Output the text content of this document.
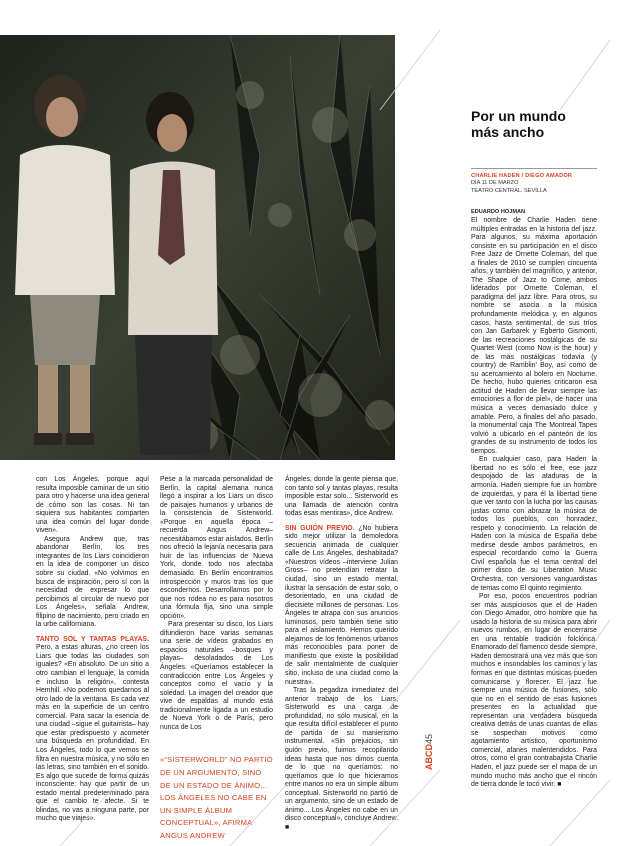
con Los Ángeles, porque aquí resulta imposible caminar de un sitio para otro y hacerse una idea general de cómo son las cosas. Ni tan siquiera sus habitantes comparten una idea común del lugar donde viven».

Asegura Andrew que, tras abandonar Berlín, los tres integrantes de los Liars coincidieron en la idea de componer un disco sobre su ciudad. «No volvimos en busca de inspiración, pero sí con la necesidad de expresar lo que percibimos al circular de nuevo por Los Ángeles», señala Andrew, filipino de nacimiento, pero criado en la urbe californiana.

TANTO SOL Y TANTAS PLAYAS. Pero, a estas alturas, ¿no creen los Liars que todas las ciudades son iguales? «En absoluto. De un sitio a otro cambian el lenguaje, la comida e incluso la religión», contesta Hemhill. «No podemos quedarnos al otro lado de la ventana. Es cada vez más en la superficie de un centro comercial. Para sacar la esencia de una ciudad –sigue el guitarrista– hay que estar predispuesto y acometer una búsqueda en profundidad. En Los Ángeles, todo lo que vemos se filtra en nuestra música, y no sólo en las letras, sino también en el sonido. Es algo que sucede de forma quizás inconsciente: hay que partir de un estado mental predeterminado para que el cambio te afecte. Si te blindas, no vas a ninguna parte, por mucho que viajes».

Pese a la marcada personalidad de Berlín, la capital alemana nunca llegó a inspirar a los Liars un disco de paisajes humanos y urbanos de la consistencia de Sisterworld. «Porque en aquella época –recuerda Angus Andrew– necesitábamos estar aislados. Berlín nos ofreció la lejanía necesaria para huir de las influencias de Nueva York, donde todo nos afectaba demasiado. En Berlín encontramos introspección y muros tras los que escondernos. Desarrollamos por lo que nos rodea no es para nosotros una fórmula fija, sino una simple opción».

Para presentar su disco, los Liars difundieron hace varias semanas una serie de vídeos grabados en espacios naturales –bosques y playas– desoladados de Los Ángeles. «Queríamos establecer la contradicción entre Los Ángeles y conceptos como el vacío y la soledad. La imagen del creador que vive de espaldas al mundo está tradicionalmente ligada a un estudio de Nueva York o de París, pero nunca de Los

«“SISTERWORLD” NO PARTIÓ DE UN ARGUMENTO, SINO DE UN ESTADO DE ÁNIMO... LOS ÁNGELES NO CABE EN UN SIMPLE ÁLBUM CONCEPTUAL», AFIRMA
ANGUS ANDREW

Ángeles, donde la gente piensa que, con tanto sol y tantas playas, resulta imposible estar solo... Sisterworld es una llamada de atención contra todas esas mentiras», dice Andrew.

SIN GUIÓN PREVIO. ¿No hubiera sido mejor utilizar la demoledora secuencia animada de cualquier calle de Los Ángeles, deshabitada? «Nuestros vídeos –interviene Julian Gross– no pretendían retratar la ciudad, sino un estado mental, ilustrar la sensación de estar solo, o desorientado, en una ciudad de diecisiete millones de personas. Los Ángeles te atrapa con sus anuncios luminosos, pero también tiene sitio para el aislamiento. Hemos querido alejarnos de los fenómenos urbanos más reconocibles para poner de manifiesto que existe la posibilidad de salir mentalmente de cualquier sitio, incluso de una ciudad como la nuestra».

Tras la pegadiza inmediatez del anterior trabajo de los Liars, Sisterworld es una carga de profundidad, no sólo musical, en la que resulta difícil establecer el punto de partida de su manierismo instrumental. «Sin prejuicios, sin guión previo, fuimos recopilando ideas hasta que nos dimos cuenta de lo que no queríamos: no queríamos que lo que hicieramos entre manos no era un simple álbum conceptual. Sisterworld no partió de un argumento, sino de un estado de ánimo... Los Ángeles no cabe en un disco conceptual», concluye Andrew. ■

Por un mundo más ancho
CHARLIE HADEN / DIEGO AMADOR
DÍA 11 DE MARZO
TEATRO CENTRAL. SEVILLA
EDUARDO HOJMAN

El nombre de Charlie Haden tiene múltiples entradas en la historia del jazz. Para algunos, su máxima aportación consiste en su participación en el disco Free Jazz de Ornette Coleman, del que a finales de 2010 se cumplen cincuenta años, y también del magnífico, y anterior, The Shape of Jazz to Come, ambos liderados por Ornette Coleman, el paradigma del jazz libre. Para otros, su nombre se asocia a la música profundamente melódica y, en algunos casos, hasta sentimental, de sus tríos con Jan Garbarek y Egberto Gismonti, de las recreaciones nostálgicas de su Quartet West (como Now is the hour) y de las más nostálgicas todavía (y country) de Ramblin' Boy, así como de su acercamiento al bolero en Nocturne. De hecho, hubo quienes criticaron esa actitud de Haden de llevar siempre las emociones a flor de piel», de hacer una música a veces demasiado dulce y amable. Pero, a finales del año pasado, la monumental caja The Montreal Tapes volvió a ubicarlo en el panteón de los grandes de su instrumento de todos los tiempos.

En cualquier caso, para Haden la libertad no es sólo el free, ese jazz despojado de las ataduras de la armonía. Haden siempre fue un hombre de izquierdas, y para él la libertad tiene que ver tanto con la lucha por las causas justas como con abrazar la música de todos los pueblos, con honradez, respeto y conocimiento. La relación de Haden con la música de España debe medirse desde ambos parámetros, en especial recordando como la Guerra Civil española fue el tema central del primer disco de su Liberation Music Orchestra, con versiones vanguardistas de temas como El quinto regimiento.

Por eso, pocos encuentros podrían ser más auspiciosos que el de Haden con Diego Amador, otro hombre que ha usado la historia de su música para abrir nuevos rumbos, en lugar de encerrarse en una rentable tradición folclórica. Enamorado del flamenco desde siempre, Haden demostrará una vez más que son muchos e insondables los caminos y las formas en que distintas músicas pueden comunicarse y florecer. El jazz fue siempre una música de fusiones, sólo que no en el sentido de esas fusiones presentes en la actualidad que representan una verdadera búsqueda creativa detrás de unas cuantas de ellas se sospechan motivos como agotamiento artístico, oportunismo comercial, afanes malentendidos. Para otros, como el gran contrabajista Charlie Haden, el jazz puede ser el mapa de un mundo mucho más ancho que el rincón de tierra donde le tocó vivir. ■

ABCD45
